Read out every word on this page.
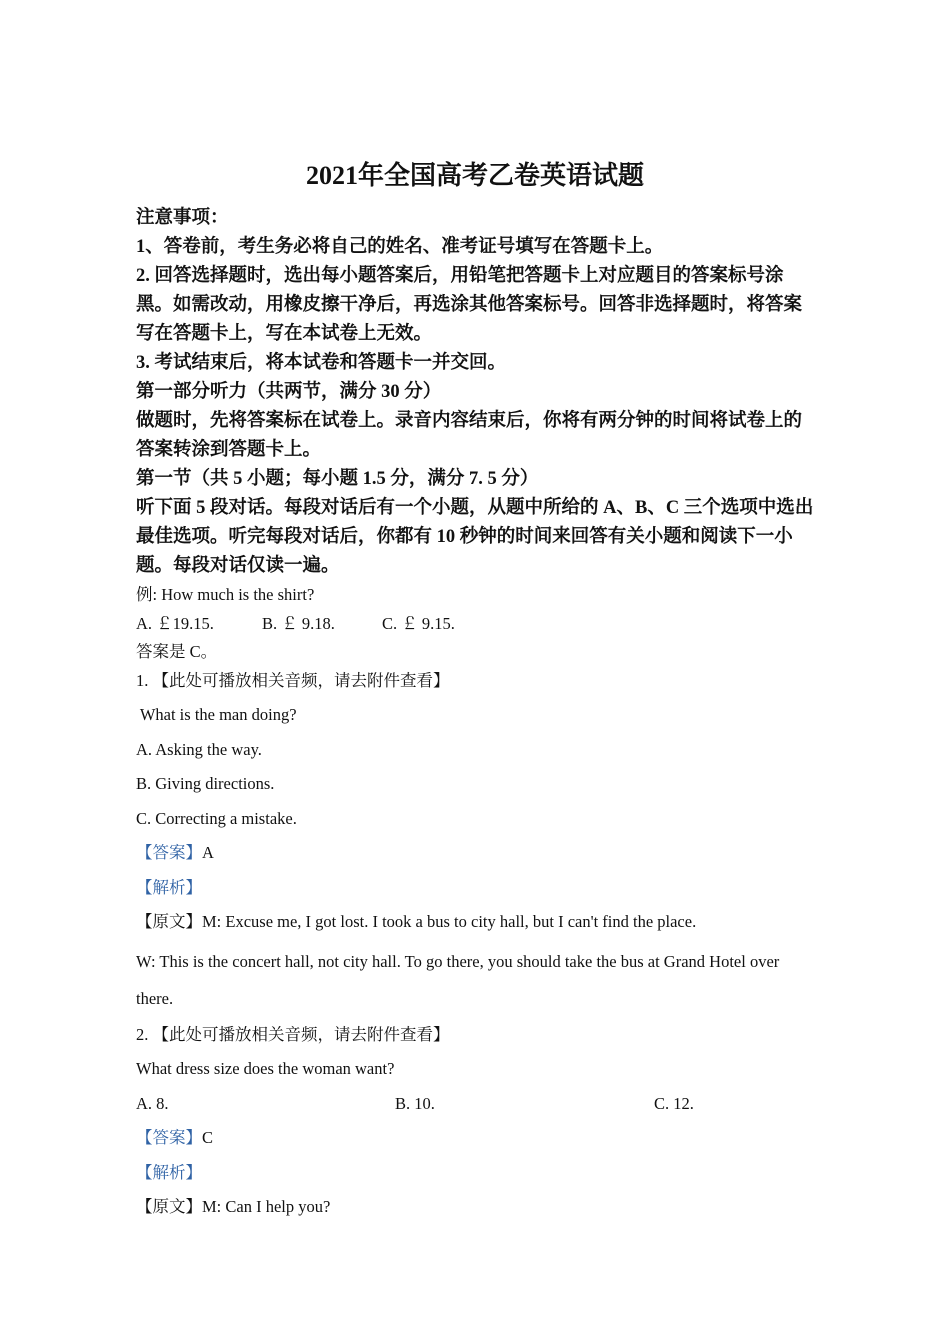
2021年全国高考乙卷英语试题

注意事项：

1、答卷前，考生务必将自己的姓名、准考证号填写在答题卡上。

2. 回答选择题时，选出每小题答案后，用铅笔把答题卡上对应题目的答案标号涂黑。如需改动，用橡皮擦干净后，再选涂其他答案标号。回答非选择题时，将答案写在答题卡上，写在本试卷上无效。

3. 考试结束后，将本试卷和答题卡一并交回。

第一部分听力（共两节，满分 30 分）

做题时，先将答案标在试卷上。录音内容结束后，你将有两分钟的时间将试卷上的答案转涂到答题卡上。

第一节（共 5 小题；每小题 1.5 分，满分 7. 5 分）

听下面 5 段对话。每段对话后有一个小题，从题中所给的 A、B、C 三个选项中选出最佳选项。听完每段对话后，你都有 10 秒钟的时间来回答有关小题和阅读下一小题。每段对话仅读一遍。

例: How much is the shirt?

A. ￡19.15.	B. ￡ 9.18.	C. ￡ 9.15.

答案是 C。

1. 【此处可播放相关音频，请去附件查看】

What is the man doing?

A. Asking the way.

B. Giving directions.

C. Correcting a mistake.

【答案】A

【解析】

【原文】M: Excuse me, I got lost. I took a bus to city hall, but I can't find the place.

W: This is the concert hall, not city hall. To go there, you should take the bus at Grand Hotel over there.

2. 【此处可播放相关音频，请去附件查看】

What dress size does the woman want?

A. 8.	B. 10.	C. 12.

【答案】C

【解析】

【原文】M: Can I help you?
